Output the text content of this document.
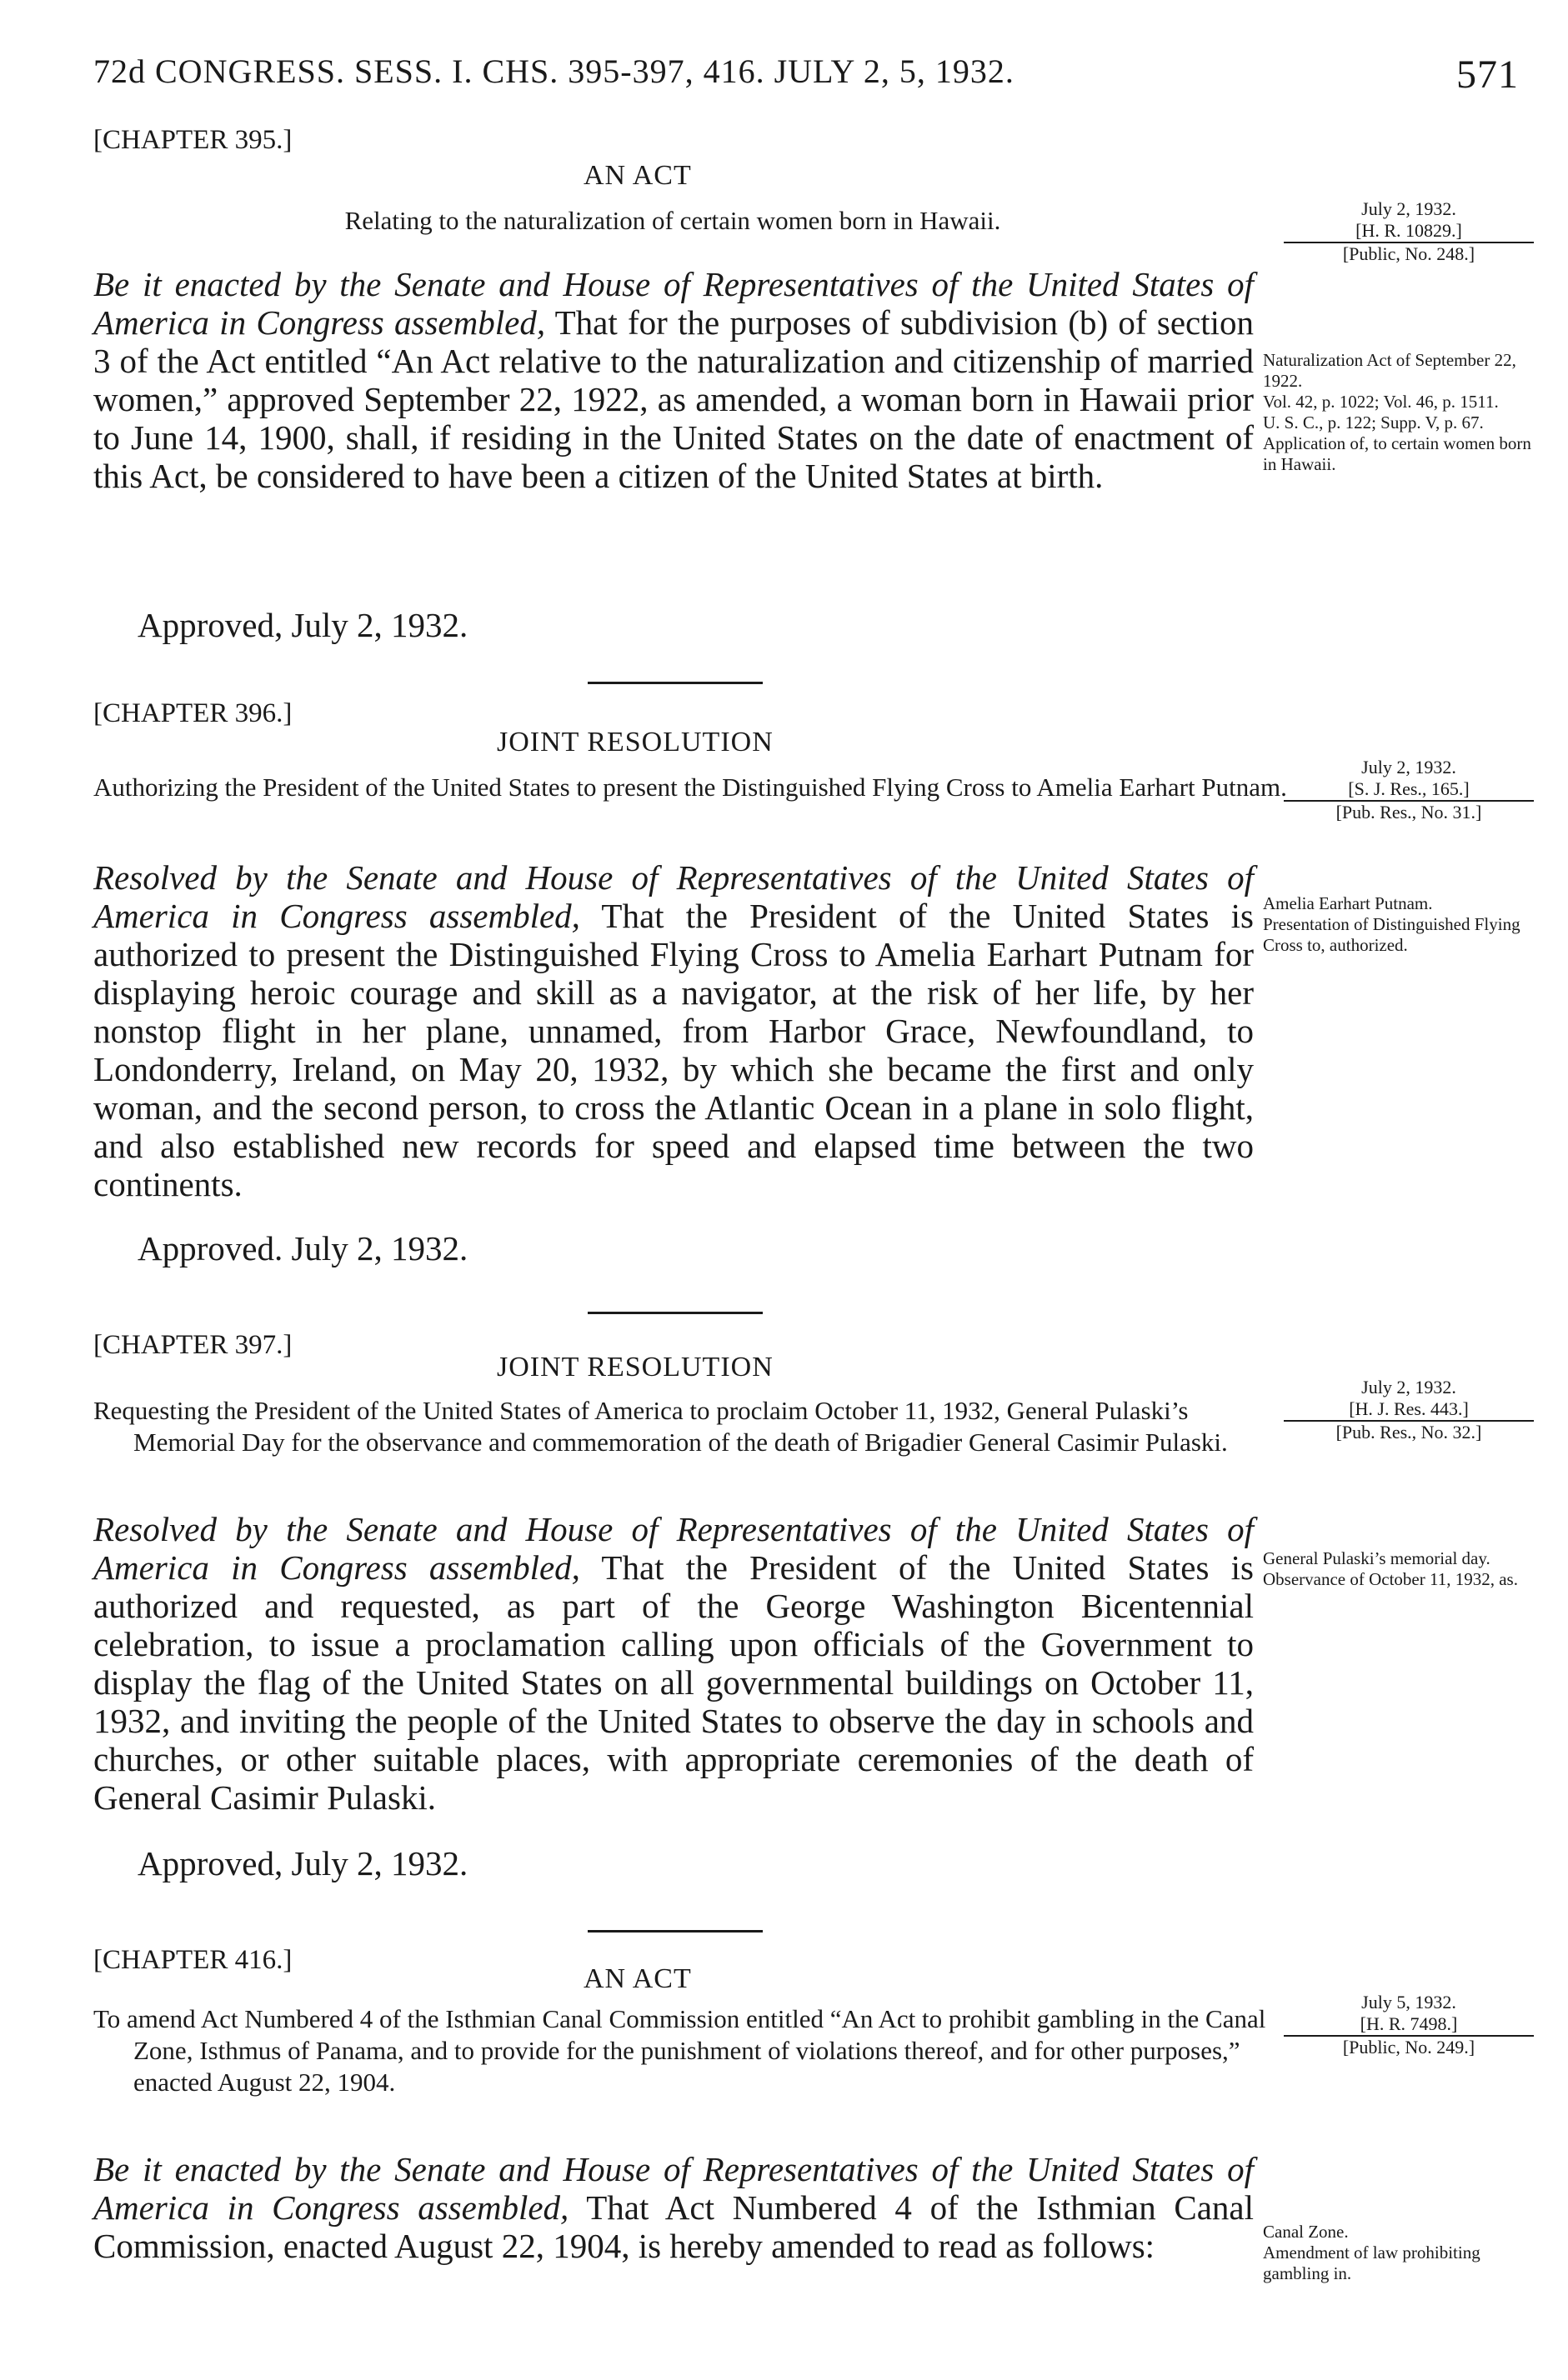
72d CONGRESS. SESS. I. CHS. 395-397, 416. JULY 2, 5, 1932.	571
[CHAPTER 395.]
AN ACT
Relating to the naturalization of certain women born in Hawaii.	July 2, 1932.
[H. R. 10829.]
[Public, No. 248.]
Be it enacted by the Senate and House of Representatives of the United States of America in Congress assembled, That for the purposes of subdivision (b) of section 3 of the Act entitled “An Act relative to the naturalization and citizenship of married women,” approved September 22, 1922, as amended, a woman born in Hawaii prior to June 14, 1900, shall, if residing in the United States on the date of enactment of this Act, be considered to have been a citizen of the United States at birth.
Approved, July 2, 1932.
Naturalization Act of September 22, 1922.
Vol. 42, p. 1022; Vol. 46, p. 1511.
U. S. C., p. 122; Supp. V, p. 67.
Application of, to certain women born in Hawaii.
[CHAPTER 396.]
JOINT RESOLUTION
Authorizing the President of the United States to present the Distinguished Flying Cross to Amelia Earhart Putnam.
July 2, 1932.
[S. J. Res., 165.]
[Pub. Res., No. 31.]
Resolved by the Senate and House of Representatives of the United States of America in Congress assembled, That the President of the United States is authorized to present the Distinguished Flying Cross to Amelia Earhart Putnam for displaying heroic courage and skill as a navigator, at the risk of her life, by her nonstop flight in her plane, unnamed, from Harbor Grace, Newfoundland, to Londonderry, Ireland, on May 20, 1932, by which she became the first and only woman, and the second person, to cross the Atlantic Ocean in a plane in solo flight, and also established new records for speed and elapsed time between the two continents.
Approved. July 2, 1932.
Amelia Earhart Putnam.
Presentation of Distinguished Flying Cross to, authorized.
[CHAPTER 397.]
JOINT RESOLUTION
Requesting the President of the United States of America to proclaim October 11, 1932, General Pulaski’s Memorial Day for the observance and commemoration of the death of Brigadier General Casimir Pulaski.
July 2, 1932.
[H. J. Res. 443.]
[Pub. Res., No. 32.]
Resolved by the Senate and House of Representatives of the United States of America in Congress assembled, That the President of the United States is authorized and requested, as part of the George Washington Bicentennial celebration, to issue a proclamation calling upon officials of the Government to display the flag of the United States on all governmental buildings on October 11, 1932, and inviting the people of the United States to observe the day in schools and churches, or other suitable places, with appropriate ceremonies of the death of General Casimir Pulaski.
Approved, July 2, 1932.
General Pulaski’s memorial day.
Observance of October 11, 1932, as.
[CHAPTER 416.]
AN ACT
To amend Act Numbered 4 of the Isthmian Canal Commission entitled “An Act to prohibit gambling in the Canal Zone, Isthmus of Panama, and to provide for the punishment of violations thereof, and for other purposes,” enacted August 22, 1904.
July 5, 1932.
[H. R. 7498.]
[Public, No. 249.]
Be it enacted by the Senate and House of Representatives of the United States of America in Congress assembled, That Act Numbered 4 of the Isthmian Canal Commission, enacted August 22, 1904, is hereby amended to read as follows:	Canal Zone.
Amendment of law prohibiting gambling in.
